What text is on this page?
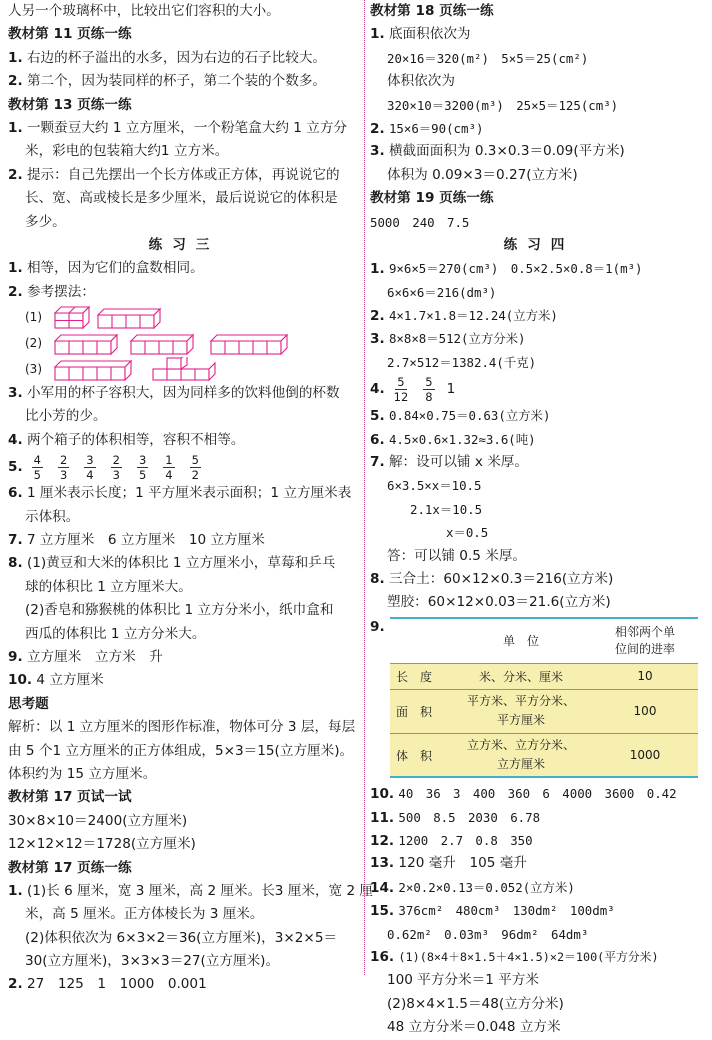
人另一个玻璃杯中，比较出它们容积的大小。
教材第 11 页练一练
1. 右边的杯子溢出的水多，因为右边的石子比较大。
2. 第二个，因为装同样的杯子，第二个装的个数多。
教材第 13 页练一练
1. 一颗蚕豆大约 1 立方厘米，一个粉笔盒大约 1 立方分
米，彩电的包装箱大约1 立方米。
2. 提示：自己先摆出一个长方体或正方体，再说说它的
长、宽、高或棱长是多少厘米，最后说说它的体积是
多少。
练习三
1. 相等，因为它们的盒数相同。
2. 参考摆法：
(1)
(2)
(3)
3. 小军用的杯子容积大，因为同样多的饮料他倒的杯数
比小芳的少。
4. 两个箱子的体积相等，容积不相等。
5. $\frac{4}{5} \frac{2}{3} \frac{3}{4} \frac{2}{3} \frac{3}{5} \frac{1}{4} \frac{5}{2}$
6. 1 厘米表示长度；1 平方厘米表示面积；1 立方厘米表
示体积。
7. 7 立方厘米　6 立方厘米　10 立方厘米
8. (1)黄豆和大米的体积比 1 立方厘米小，草莓和乒乓
球的体积比 1 立方厘米大。
(2)香皂和猕猴桃的体积比 1 立方分米小，纸巾盒和
西瓜的体积比 1 立方分米大。
9. 立方厘米　立方米　升
10. 4 立方厘米
思考题
解析：以 1 立方厘米的图形作标准，物体可分 3 层，每层
由 5 个1 立方厘米的正方体组成，5×3＝15(立方厘米)。
体积约为 15 立方厘米。
教材第 17 页试一试
30×8×10＝2400(立方厘米)
12×12×12＝1728(立方厘米)
教材第 17 页练一练
1. (1)长 6 厘米，宽 3 厘米，高 2 厘米。长3 厘米，宽 2 厘
米，高 5 厘米。正方体棱长为 3 厘米。
(2)体积依次为 6×3×2＝36(立方厘米)，3×2×5＝
30(立方厘米)，3×3×3＝27(立方厘米)。
2. 27　125　1　1000　0.001
教材第 18 页练一练
1. 底面积依次为
20×16＝320(m²)　5×5＝25(cm²)
体积依次为
320×10＝3200(m³)　25×5＝125(cm³)
2. 15×6＝90(cm³)
3. 横截面面积为 0.3×0.3＝0.09(平方米)
体积为 0.09×3＝0.27(立方米)
教材第 19 页练一练
5000　240　7.5
练习四
1. 9×6×5＝270(cm³)　0.5×2.5×0.8＝1(m³)
6×6×6＝216(dm³)
2. 4×1.7×1.8＝12.24(立方米)
3. 8×8×8＝512(立方分米)
2.7×512＝1382.4(千克)
4. $\frac{5}{12} \frac{5}{8} 1$
5. 0.84×0.75＝0.63(立方米)
6. 4.5×0.6×1.32≈3.6(吨)
7. 解：设可以铺 x 米厚。
6×3.5×x＝10.5
2.1x＝10.5
x＝0.5
答：可以铺 0.5 米厚。
8. 三合土：60×12×0.3＝216(立方米)
塑胶：60×12×0.03＝21.6(立方米)
9.
	单　位	相邻两个单
位间的进率

长度	米、分米、厘米	10
面积	平方米、平方分米、
平方厘米	100
体积	立方米、立方分米、
立方厘米	1000
10. 40　36　3　400　360　6　4000　3600　0.42
11. 500　8.5　2030　6.78
12. 1200　2.7　0.8　350
13. 120 毫升　105 毫升
14. 2×0.2×0.13＝0.052(立方米)
15. 376cm²　480cm³　130dm²　100dm³
0.62m²　0.03m³　96dm²　64dm³
16. (1)(8×4＋8×1.5＋4×1.5)×2＝100(平方分米)
100 平方分米＝1 平方米
(2)8×4×1.5＝48(立方分米)
48 立方分米＝0.048 立方米
